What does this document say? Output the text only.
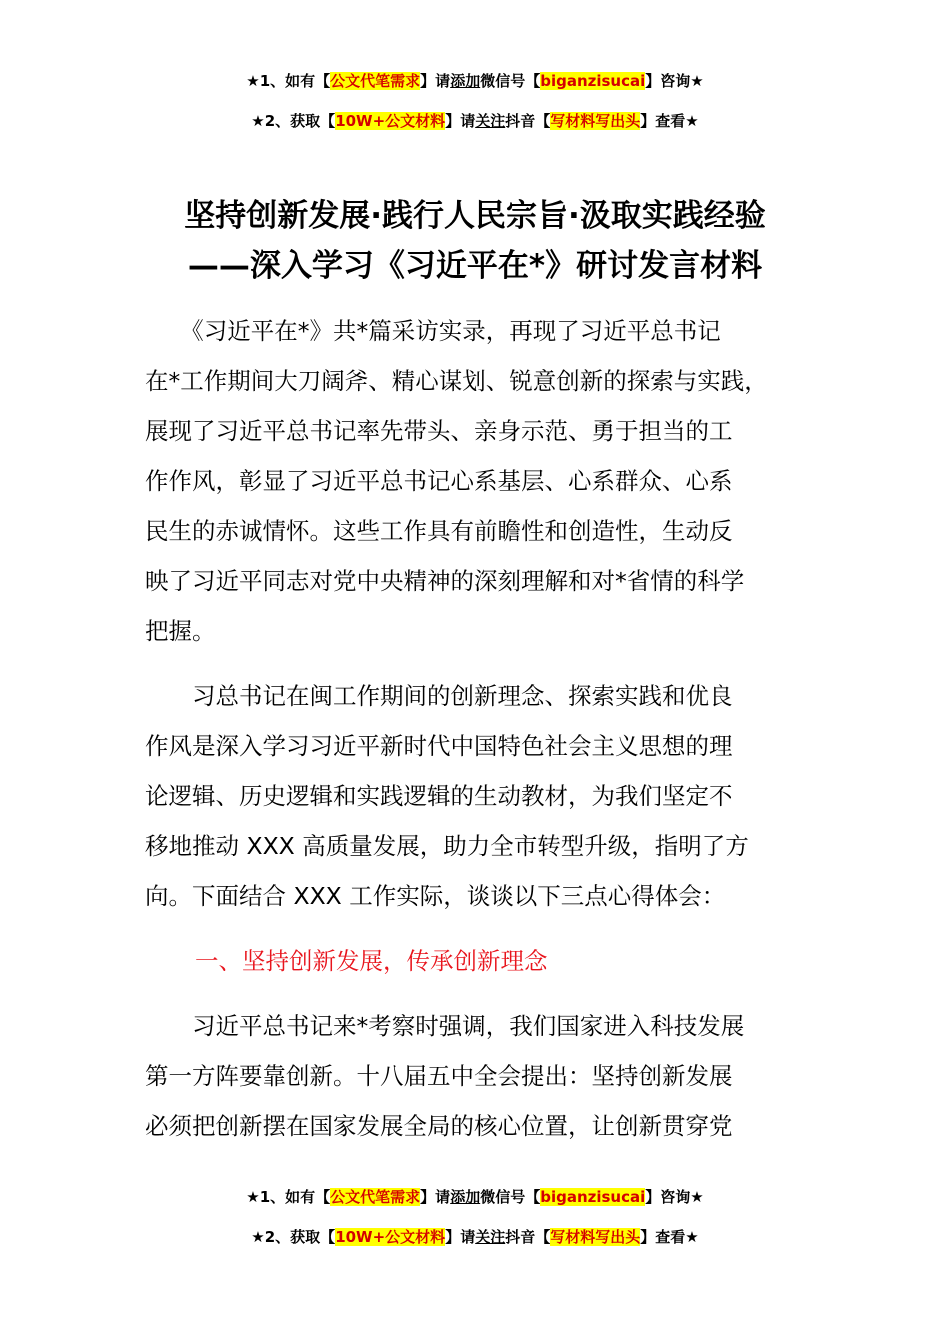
★1、如有【公文代笔需求】请添加微信号【biganzisucai】咨询★
★2、获取【10W+公文材料】请关注抖音【写材料写出头】查看★
坚持创新发展·践行人民宗旨·汲取实践经验
——深入学习《习近平在*》研讨发言材料

　　《习近平在*》共*篇采访实录，再现了习近平总书记
在*工作期间大刀阔斧、精心谋划、锐意创新的探索与实践，
展现了习近平总书记率先带头、亲身示范、勇于担当的工
作作风，彰显了习近平总书记心系基层、心系群众、心系
民生的赤诚情怀。这些工作具有前瞻性和创造性，生动反
映了习近平同志对党中央精神的深刻理解和对*省情的科学
把握。

　　习总书记在闽工作期间的创新理念、探索实践和优良
作风是深入学习习近平新时代中国特色社会主义思想的理
论逻辑、历史逻辑和实践逻辑的生动教材，为我们坚定不
移地推动 XXX 高质量发展，助力全市转型升级，指明了方
向。下面结合 XXX 工作实际，谈谈以下三点心得体会：

一、坚持创新发展，传承创新理念

　　习近平总书记来*考察时强调，我们国家进入科技发展
第一方阵要靠创新。十八届五中全会提出：坚持创新发展
必须把创新摆在国家发展全局的核心位置，让创新贯穿党

★1、如有【公文代笔需求】请添加微信号【biganzisucai】咨询★
★2、获取【10W+公文材料】请关注抖音【写材料写出头】查看★
